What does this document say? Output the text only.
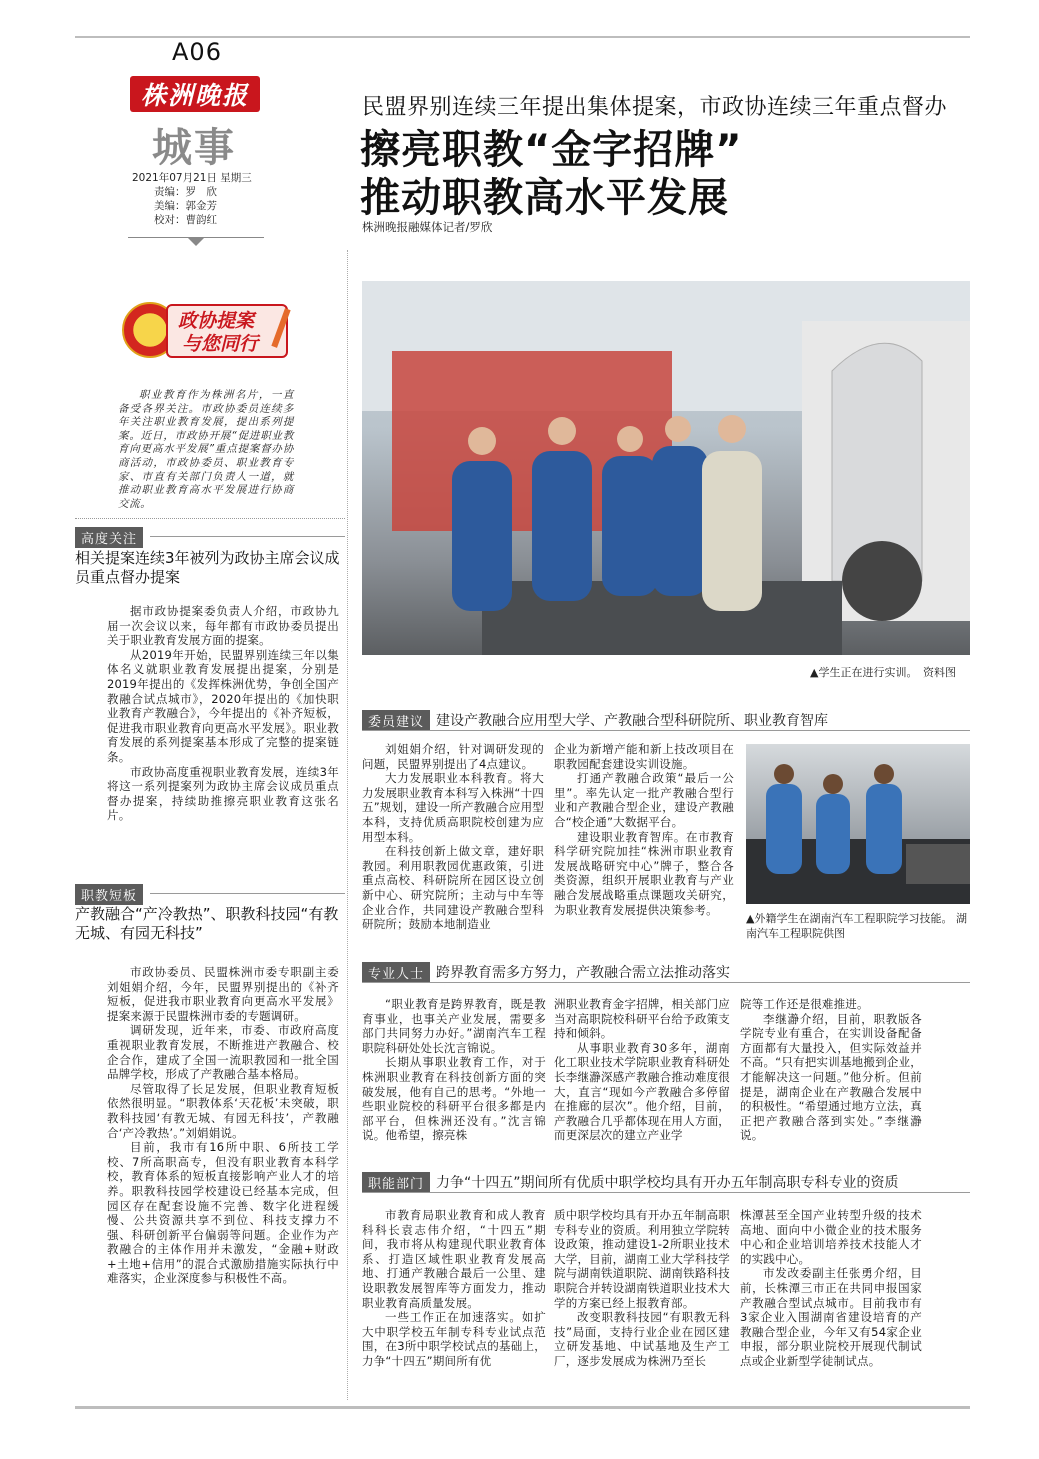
A06
株洲晚报
城事
2021年07月21日 星期三
责编：罗　欣
美编：郭金芳
校对：曹韵红
民盟界别连续三年提出集体提案，市政协连续三年重点督办
擦亮职教“金字招牌”
推动职教高水平发展
株洲晚报融媒体记者/罗欣
政协提案
与您同行
职业教育作为株洲名片，一直备受各界关注。市政协委员连续多年关注职业教育发展，提出系列提案。近日，市政协开展“促进职业教育向更高水平发展”重点提案督办协商活动，市政协委员、职业教育专家、市直有关部门负责人一道，就推动职业教育高水平发展进行协商交流。
高度关注
相关提案连续3年被列为政协主席会议成员重点督办提案

据市政协提案委负责人介绍，市政协九届一次会议以来，每年都有市政协委员提出关于职业教育发展方面的提案。

从2019年开始，民盟界别连续三年以集体名义就职业教育发展提出提案，分别是2019年提出的《发挥株洲优势，争创全国产教融合试点城市》，2020年提出的《加快职业教育产教融合》，今年提出的《补齐短板，促进我市职业教育向更高水平发展》。职业教育发展的系列提案基本形成了完整的提案链条。

市政协高度重视职业教育发展，连续3年将这一系列提案列为政协主席会议成员重点督办提案，持续助推擦亮职业教育这张名片。

职教短板
产教融合“产冷教热”、职教科技园“有教无城、有园无科技”

市政协委员、民盟株洲市委专职副主委刘姐娟介绍，今年，民盟界别提出的《补齐短板，促进我市职业教育向更高水平发展》提案来源于民盟株洲市委的专题调研。

调研发现，近年来，市委、市政府高度重视职业教育发展，不断推进产教融合、校企合作，建成了全国一流职教园和一批全国品牌学校，形成了产教融合基本格局。

尽管取得了长足发展，但职业教育短板依然很明显。“职教体系‘天花板’未突破，职教科技园‘有教无城、有园无科技’，产教融合‘产冷教热’。”刘娟娟说。

目前，我市有16所中职、6所技工学校、7所高职高专，但没有职业教育本科学校，教育体系的短板直接影响产业人才的培养。职教科技园学校建设已经基本完成，但园区存在配套设施不完善、数字化进程缓慢、公共资源共享不到位、科技支撑力不强、科研创新平台偏弱等问题。企业作为产教融合的主体作用并未激发，“金融+财政+土地+信用”的混合式激励措施实际执行中难落实，企业深度参与积极性不高。

▲学生正在进行实训。　资料图
委员建议 建设产教融合应用型大学、产教融合型科研院所、职业教育智库

刘姐娟介绍，针对调研发现的问题，民盟界别提出了4点建议。

大力发展职业本科教育。将大力发展职业教育本科写入株洲“十四五”规划，建设一所产教融合应用型本科，支持优质高职院校创建为应用型本科。

在科技创新上做文章，建好职教园。利用职教园优惠政策，引进重点高校、科研院所在园区设立创新中心、研究院所；主动与中车等企业合作，共同建设产教融合型科研院所；鼓励本地制造业

企业为新增产能和新上技改项目在职教园配套建设实训设施。

打通产教融合政策“最后一公里”。率先认定一批产教融合型行业和产教融合型企业，建设产教融合“校企通”大数据平台。

建设职业教育智库。在市教育科学研究院加挂“株洲市职业教育发展战略研究中心”牌子，整合各类资源，组织开展职业教育与产业融合发展战略重点课题攻关研究，为职业教育发展提供决策参考。

▲外籍学生在湖南汽车工程职院学习技能。 湖南汽车工程职院供图
专业人士 跨界教育需多方努力，产教融合需立法推动落实

“职业教育是跨界教育，既是教育事业，也事关产业发展，需要多部门共同努力办好。”湖南汽车工程职院科研处处长沈言锦说。

长期从事职业教育工作，对于株洲职业教育在科技创新方面的突破发展，他有自己的思考。“外地一些职业院校的科研平台很多都是内部平台，但株洲还没有。”沈言锦说。他希望，擦亮株

洲职业教育金字招牌，相关部门应当对高职院校科研平台给予政策支持和倾斜。

从事职业教育30多年，湖南化工职业技术学院职业教育科研处长李继瀞深感产教融合推动难度很大，直言“现如今产教融合多停留在推廊的层次”。他介绍，目前，产教融合几乎都体现在用人方面，而更深层次的建立产业学

院等工作还是很难推进。

李继瀞介绍，目前，职教版各学院专业有重合，在实训设备配备方面都有大量投入，但实际效益并不高。“只有把实训基地搬到企业，才能解决这一问题。”他分析。但前提是，湖南企业在产教融合发展中的积极性。“希望通过地方立法，真正把产教融合落到实处。”李继瀞说。

职能部门 力争“十四五”期间所有优质中职学校均具有开办五年制高职专科专业的资质

市教育局职业教育和成人教育科科长袁志伟介绍，“十四五”期间，我市将从构建现代职业教育体系、打造区域性职业教育发展高地、打通产教融合最后一公里、建设职教发展智库等方面发力，推动职业教育高质量发展。

一些工作正在加速落实。如扩大中职学校五年制专科专业试点范围，在3所中职学校试点的基础上，力争“十四五”期间所有优

质中职学校均具有开办五年制高职专科专业的资质。利用独立学院转设政策，推动建设1-2所职业技术大学，目前，湖南工业大学科技学院与湖南铁道职院、湖南铁路科技职院合并转设湖南铁道职业技术大学的方案已经上报教育部。

改变职教科技园“有职教无科技”局面，支持行业企业在园区建立研发基地、中试基地及生产工厂，逐步发展成为株洲乃至长

株潭甚至全国产业转型升级的技术高地、面向中小微企业的技术服务中心和企业培训培养技术技能人才的实践中心。

市发改委副主任张勇介绍，目前，长株潭三市正在共同申报国家产教融合型试点城市。目前我市有3家企业入围湖南省建设培育的产教融合型企业，今年又有54家企业申报，部分职业院校开展现代制试点或企业新型学徒制试点。
